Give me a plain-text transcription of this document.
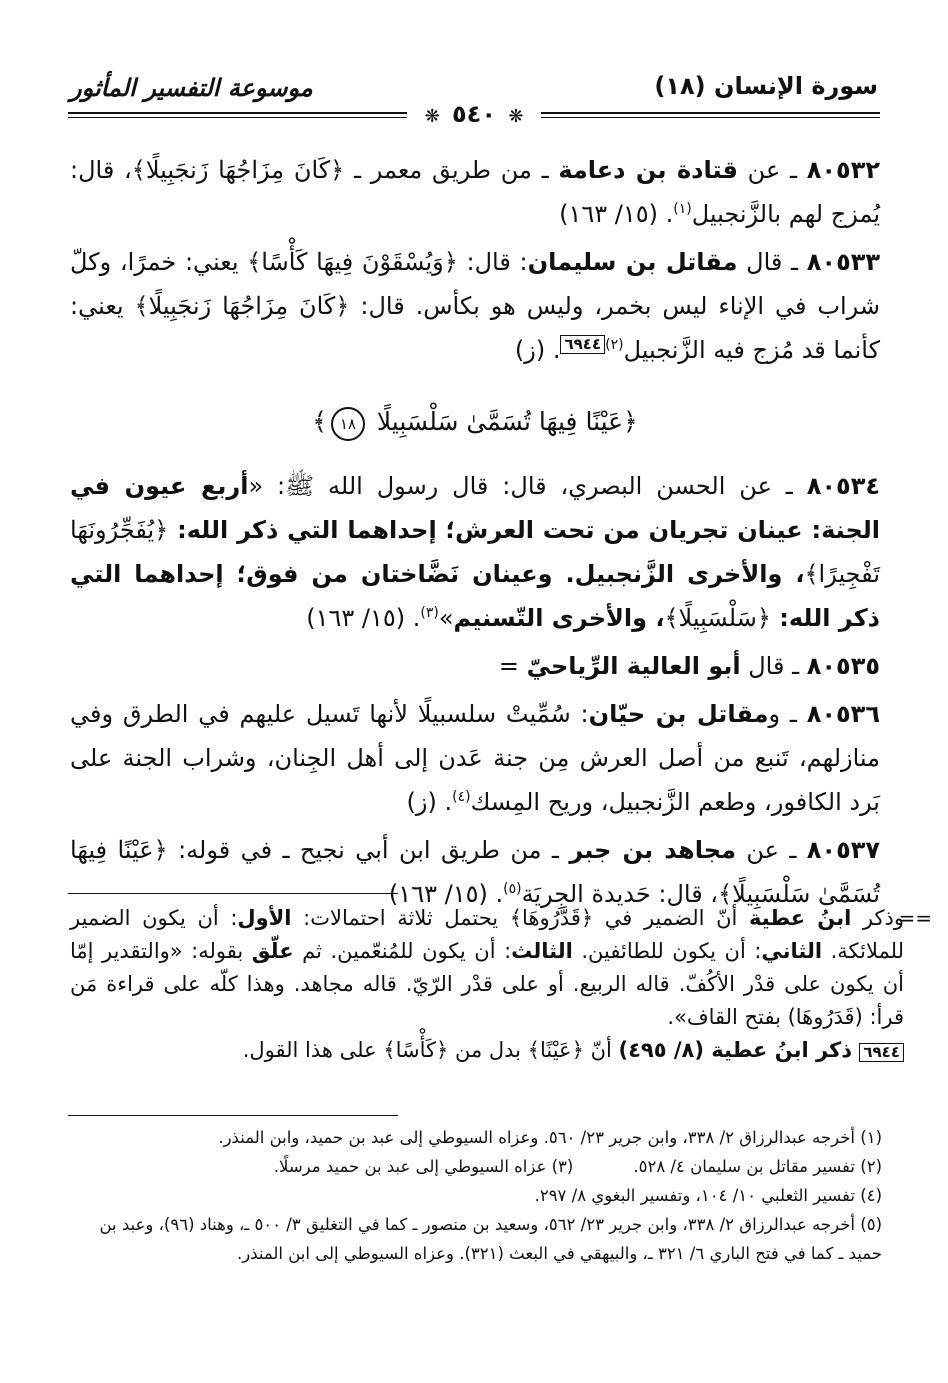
سورة الإنسان (١٨)
موسوعة التفسير المأثور
❋ ٥٤٠ ❋

٨٠٥٣٢ ـ عن قتادة بن دعامة ـ من طريق معمر ـ ﴿كَانَ مِزَاجُهَا زَنجَبِيلًا﴾، قال: يُمزج لهم بالزَّنجبيل$^{(١)}$. (١٥/ ١٦٣)

٨٠٥٣٣ ـ قال مقاتل بن سليمان: قال: ﴿وَيُسْقَوْنَ فِيهَا كَأْسًا﴾ يعني: خمرًا، وكلّ شراب في الإناء ليس بخمر، وليس هو بكأس. قال: ﴿كَانَ مِزَاجُهَا زَنجَبِيلًا﴾ يعني: كأنما قد مُزج فيه الزَّنجبيل$^{(٢)}$٦٩٤٤. (ز)

﴿عَيْنًا فِيهَا تُسَمَّىٰ سَلْسَبِيلًا ١٨﴾

٨٠٥٣٤ ـ عن الحسن البصري، قال: قال رسول الله ﷺ: «أربع عيون في الجنة: عينان تجريان من تحت العرش؛ إحداهما التي ذكر الله: ﴿يُفَجِّرُونَهَا تَفْجِيرًا﴾، والأخرى الزَّنجبيل. وعينان نَضَّاختان من فوق؛ إحداهما التي ذكر الله: ﴿سَلْسَبِيلًا﴾، والأخرى التّسنيم»$^{(٣)}$. (١٥/ ١٦٣)

٨٠٥٣٥ ـ قال أبو العالية الرِّياحيّ =

٨٠٥٣٦ ـ ومقاتل بن حيّان: سُمِّيتْ سلسبيلًا لأنها تَسيل عليهم في الطرق وفي منازلهم، تَنبع من أصل العرش مِن جنة عَدن إلى أهل الجِنان، وشراب الجنة على بَرد الكافور، وطعم الزَّنجبيل، وريح المِسك$^{(٤)}$. (ز)

٨٠٥٣٧ ـ عن مجاهد بن جبر ـ من طريق ابن أبي نجيح ـ في قوله: ﴿عَيْنًا فِيهَا تُسَمَّىٰ سَلْسَبِيلًا﴾، قال: حَديدة الجِريَة$^{(٥)}$. (١٥/ ١٦٣)

==
وذكر ابنُ عطية أنّ الضمير في ﴿قَدَّرُوهَا﴾ يحتمل ثلاثة احتمالات: الأول: أن يكون الضمير للملائكة. الثاني: أن يكون للطائفين. الثالث: أن يكون للمُنعّمين. ثم علّق بقوله: «والتقدير إمّا أن يكون على قدْر الأكُفّ. قاله الربيع. أو على قدْر الرّيّ. قاله مجاهد. وهذا كلّه على قراءة مَن قرأ: (قَدَرُوهَا) بفتح القاف».
٦٩٤٤ ذكر ابنُ عطية (٨/ ٤٩٥) أنّ ﴿عَيْنًا﴾ بدل من ﴿كَأْسًا﴾ على هذا القول.
(١) أخرجه عبدالرزاق ٢/ ٣٣٨، وابن جرير ٢٣/ ٥٦٠. وعزاه السيوطي إلى عبد بن حميد، وابن المنذر.
(٢) تفسير مقاتل بن سليمان ٤/ ٥٢٨.
(٣) عزاه السيوطي إلى عبد بن حميد مرسلًا.
(٤) تفسير الثعلبي ١٠/ ١٠٤، وتفسير البغوي ٨/ ٢٩٧.
(٥) أخرجه عبدالرزاق ٢/ ٣٣٨، وابن جرير ٢٣/ ٥٦٢، وسعيد بن منصور ـ كما في التغليق ٣/ ٥٠٠ ـ، وهناد (٩٦)، وعبد بن حميد ـ كما في فتح الباري ٦/ ٣٢١ ـ، والبيهقي في البعث (٣٢١). وعزاه السيوطي إلى ابن المنذر.
